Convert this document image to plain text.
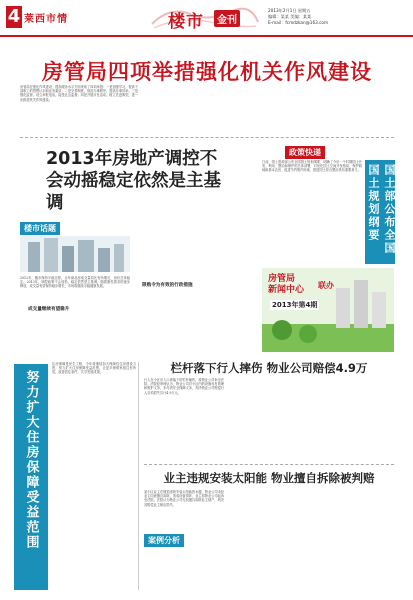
4 莱西市情	楼市	金刊
2013年2月1日 星期五
编辑：某某 美编：某某
E-mail：fcmdzkan@163.com
房管局四项举措强化机关作风建设
房管局在强化作风建设、提高服务水平方面采取了四项举措：一是加强学习，提高干部职工的思想认识和业务素质；二是完善制度，规范办事程序，提高办事效率；三是强化监督，设立举报电话，接受社会监督；四是开展评比活动，树立先进典型，进一步推进机关作风建设。
2013年房地产调控不会动摇稳定依然是主基调
楼市话题
2012年，楼市保持平稳态势，全年商品房成交量同比有所增长，房价总体稳定。2013年，调控政策不会放松，稳定依然是主基调，随着刚性需求的逐步释放，成交量有望保持稳步增长，市场将继续平稳健康发展。
成交量继续有望稳升
限购令为有效的行政措施
政策快递
国土部公布全国国土规划纲要
日前，国土资源部公布全国国土规划纲要，明确了今后一个时期国土开发、利用、整治和保护的总体部署，对优化国土空间开发格局、保护耕地和基本农田、促进节约集约用地、推进国土综合整治具有重要意义。
房管局
新闻中心 联办
2013年第4期
努力扩大住房保障受益范围
住房保障是民生工程，今年将继续加大保障性住房建设力度，努力扩大住房保障受益范围，让更多困难家庭住有所居，改善居住条件，共享发展成果。	栏杆落下行人摔伤 物业公司赔偿4.9万
行人在小区出入口被落下的栏杆砸伤，将物业公司诉至法院。法院经审理认为，物业公司对小区内的设施负有管理和维护义务，未尽到安全保障义务，判决物业公司赔偿行人各项损失共计4.9万元。
业主违规安装太阳能 物业擅自拆除被判赔
某小区业主在楼顶违规安装太阳能热水器，物业公司未经业主同意擅自拆除，造成设备损坏，业主将物业公司起诉至法院。法院认为物业公司无权擅自拆除业主财产，判决其赔偿业主相应损失。
案例分析
